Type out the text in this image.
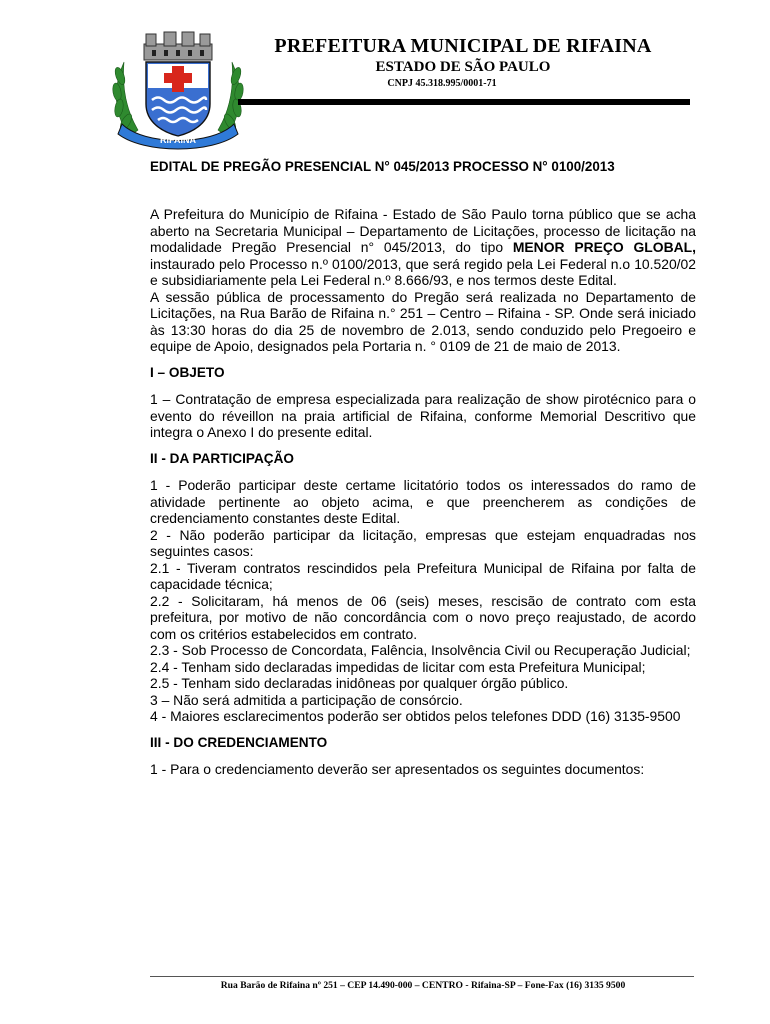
RIFAINA
PREFEITURA MUNICIPAL DE RIFAINA
ESTADO DE SÃO PAULO
CNPJ 45.318.995/0001-71
EDITAL DE PREGÃO PRESENCIAL N° 045/2013 PROCESSO N° 0100/2013

A Prefeitura do Município de Rifaina - Estado de São Paulo torna público que se acha aberto na Secretaria Municipal – Departamento de Licitações, processo de licitação na modalidade Pregão Presencial n° 045/2013, do tipo MENOR PREÇO GLOBAL, instaurado pelo Processo n.º 0100/2013, que será regido pela Lei Federal n.o 10.520/02 e subsidiariamente pela Lei Federal n.º 8.666/93, e nos termos deste Edital.

A sessão pública de processamento do Pregão será realizada no Departamento de Licitações, na Rua Barão de Rifaina n.° 251 – Centro – Rifaina - SP. Onde será iniciado às 13:30 horas do dia 25 de novembro de 2.013, sendo conduzido pelo Pregoeiro e equipe de Apoio, designados pela Portaria n. ° 0109 de 21 de maio de 2013.

I – OBJETO

1 – Contratação de empresa especializada para realização de show pirotécnico para o evento do réveillon na praia artificial de Rifaina, conforme Memorial Descritivo que integra o Anexo I do presente edital.

II - DA PARTICIPAÇÃO

1 - Poderão participar deste certame licitatório todos os interessados do ramo de atividade pertinente ao objeto acima, e que preencherem as condições de credenciamento constantes deste Edital.

2 - Não poderão participar da licitação, empresas que estejam enquadradas nos seguintes casos:

2.1 - Tiveram contratos rescindidos pela Prefeitura Municipal de Rifaina por falta de capacidade técnica;

2.2 - Solicitaram, há menos de 06 (seis) meses, rescisão de contrato com esta prefeitura, por motivo de não concordância com o novo preço reajustado, de acordo com os critérios estabelecidos em contrato.

2.3 - Sob Processo de Concordata, Falência, Insolvência Civil ou Recuperação Judicial;

2.4 - Tenham sido declaradas impedidas de licitar com esta Prefeitura Municipal;

2.5 - Tenham sido declaradas inidôneas por qualquer órgão público.

3 – Não será admitida a participação de consórcio.

4 - Maiores esclarecimentos poderão ser obtidos pelos telefones DDD (16) 3135-9500

III - DO CREDENCIAMENTO

1 - Para o credenciamento deverão ser apresentados os seguintes documentos:

Rua Barão de Rifaina nº 251 – CEP 14.490-000 – CENTRO - Rifaina-SP – Fone-Fax (16) 3135 9500
